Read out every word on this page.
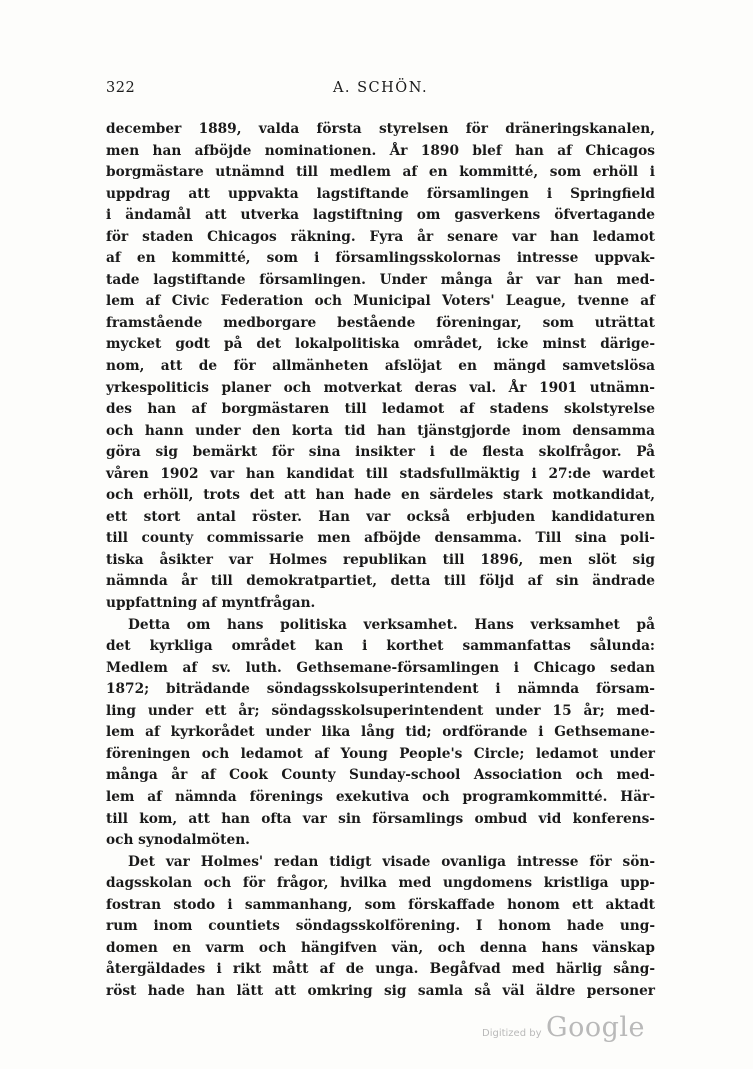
322	A. SCHÖN.
december 1889, valda första styrelsen för dräneringskanalen,
men han afböjde nominationen. År 1890 blef han af Chicagos
borgmästare utnämnd till medlem af en kommitté, som erhöll i
uppdrag att uppvakta lagstiftande församlingen i Springfield
i ändamål att utverka lagstiftning om gasverkens öfvertagande
för staden Chicagos räkning. Fyra år senare var han ledamot
af en kommitté, som i församlingsskolornas intresse uppvak-
tade lagstiftande församlingen. Under många år var han med-
lem af Civic Federation och Municipal Voters' League, tvenne af
framstående medborgare bestående föreningar, som uträttat
mycket godt på det lokalpolitiska området, icke minst därige-
nom, att de för allmänheten afslöjat en mängd samvetslösa
yrkespoliticis planer och motverkat deras val. År 1901 utnämn-
des han af borgmästaren till ledamot af stadens skolstyrelse
och hann under den korta tid han tjänstgjorde inom densamma
göra sig bemärkt för sina insikter i de flesta skolfrågor. På
våren 1902 var han kandidat till stadsfullmäktig i 27:de wardet
och erhöll, trots det att han hade en särdeles stark motkandidat,
ett stort antal röster. Han var också erbjuden kandidaturen
till county commissarie men afböjde densamma. Till sina poli-
tiska åsikter var Holmes republikan till 1896, men slöt sig
nämnda år till demokratpartiet, detta till följd af sin ändrade
uppfattning af myntfrågan.
Detta om hans politiska verksamhet. Hans verksamhet på
det kyrkliga området kan i korthet sammanfattas sålunda:
Medlem af sv. luth. Gethsemane-församlingen i Chicago sedan
1872; biträdande söndagsskolsuperintendent i nämnda försam-
ling under ett år; söndagsskolsuperintendent under 15 år; med-
lem af kyrkorådet under lika lång tid; ordförande i Gethsemane-
föreningen och ledamot af Young People's Circle; ledamot under
många år af Cook County Sunday-school Association och med-
lem af nämnda förenings exekutiva och programkommitté. Här-
till kom, att han ofta var sin församlings ombud vid konferens-
och synodalmöten.
Det var Holmes' redan tidigt visade ovanliga intresse för sön-
dagsskolan och för frågor, hvilka med ungdomens kristliga upp-
fostran stodo i sammanhang, som förskaffade honom ett aktadt
rum inom countiets söndagsskolförening. I honom hade ung-
domen en varm och hängifven vän, och denna hans vänskap
återgäldades i rikt mått af de unga. Begåfvad med härlig sång-
röst hade han lätt att omkring sig samla så väl äldre personer
Digitized by Google
